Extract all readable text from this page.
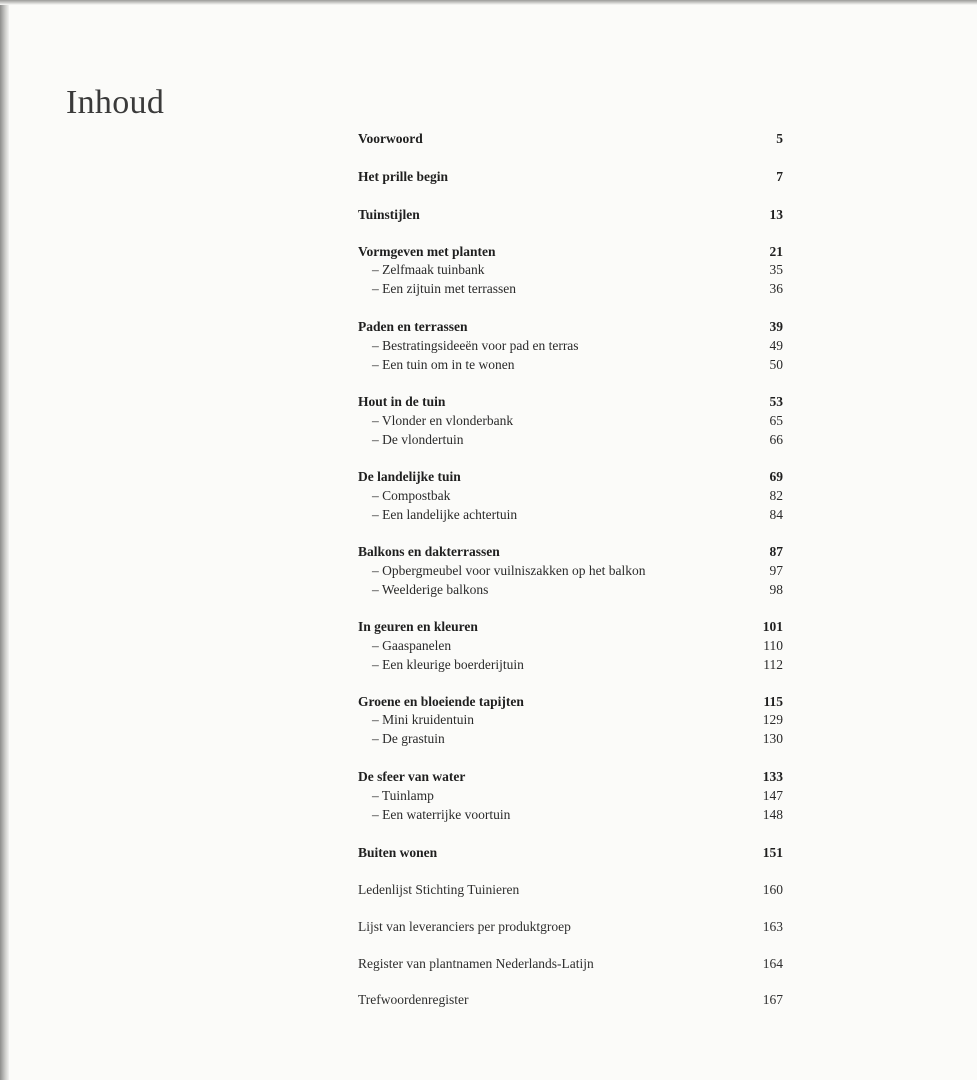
Inhoud
Voorwoord	5
Het prille begin	7
Tuinstijlen	13
Vormgeven met planten	21
– Zelfmaak tuinbank	35
– Een zijtuin met terrassen	36
Paden en terrassen	39
– Bestratingsideeën voor pad en terras	49
– Een tuin om in te wonen	50
Hout in de tuin	53
– Vlonder en vlonderbank	65
– De vlondertuin	66
De landelijke tuin	69
– Compostbak	82
– Een landelijke achtertuin	84
Balkons en dakterrassen	87
– Opbergmeubel voor vuilniszakken op het balkon	97
– Weelderige balkons	98
In geuren en kleuren	101
– Gaaspanelen	110
– Een kleurige boerderijtuin	112
Groene en bloeiende tapijten	115
– Mini kruidentuin	129
– De grastuin	130
De sfeer van water	133
– Tuinlamp	147
– Een waterrijke voortuin	148
Buiten wonen	151
Ledenlijst Stichting Tuinieren	160
Lijst van leveranciers per produktgroep	163
Register van plantnamen Nederlands-Latijn	164
Trefwoordenregister	167
